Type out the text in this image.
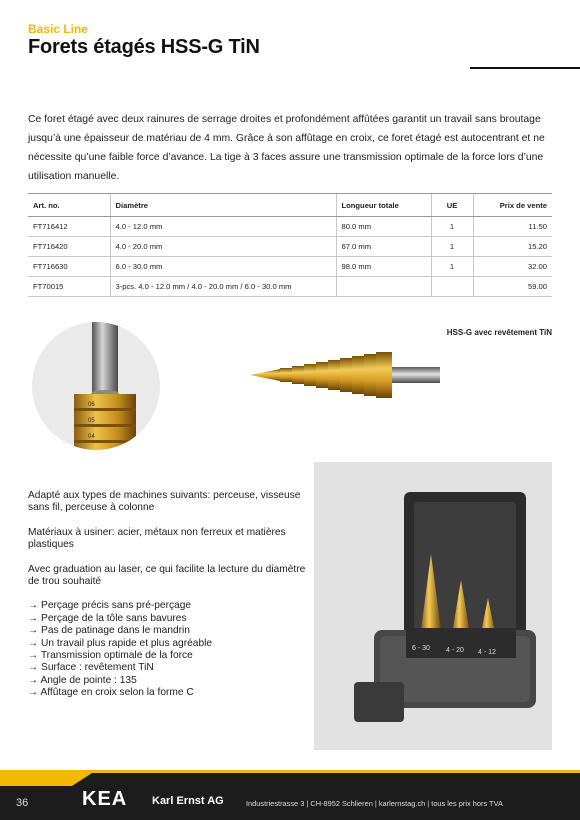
Basic Line
Forets étagés HSS-G TiN
Ce foret étagé avec deux rainures de serrage droites et profondément affûtées garantit un travail sans broutage jusqu’à une épaisseur de matériau de 4 mm. Grâce à son affûtage en croix, ce foret étagé est autocentrant et ne nécessite qu’une faible force d’avance. La tige à 3 faces assure une transmission optimale de la force lors d’une utilisation manuelle.
Art. no.	Diamètre	Longueur totale	UE	Prix de vente
FT716412	4.0 - 12.0 mm	80.0 mm	1	11.50
FT716420	4.0 - 20.0 mm	67.0 mm	1	15.20
FT716630	6.0 - 30.0 mm	98.0 mm	1	32.00
FT70015	3-pcs. 4.0 - 12.0 mm / 4.0 - 20.0 mm / 6.0 - 30.0 mm			59.00
HSS-G avec revêtement TiN
06
05
04
6 - 30 4 - 20 4 - 12

Adapté aux types de machines suivants: perceuse, visseuse sans fil, perceuse à colonne

Matériaux à usiner: acier, métaux non ferreux et matières plastiques

Avec graduation au laser, ce qui facilite la lecture du diamètre de trou souhaité

→ Perçage précis sans pré-perçage
→ Perçage de la tôle sans bavures
→ Pas de patinage dans le mandrin
→ Un travail plus rapide et plus agréable
→ Transmission optimale de la force
→ Surface : revêtement TiN
→ Angle de pointe : 135
→ Affûtage en croix selon la forme C
36	KEA Karl Ernst AG	Industriestrasse 3 | CH-8952 Schlieren | karlernstag.ch | tous les prix hors TVA
